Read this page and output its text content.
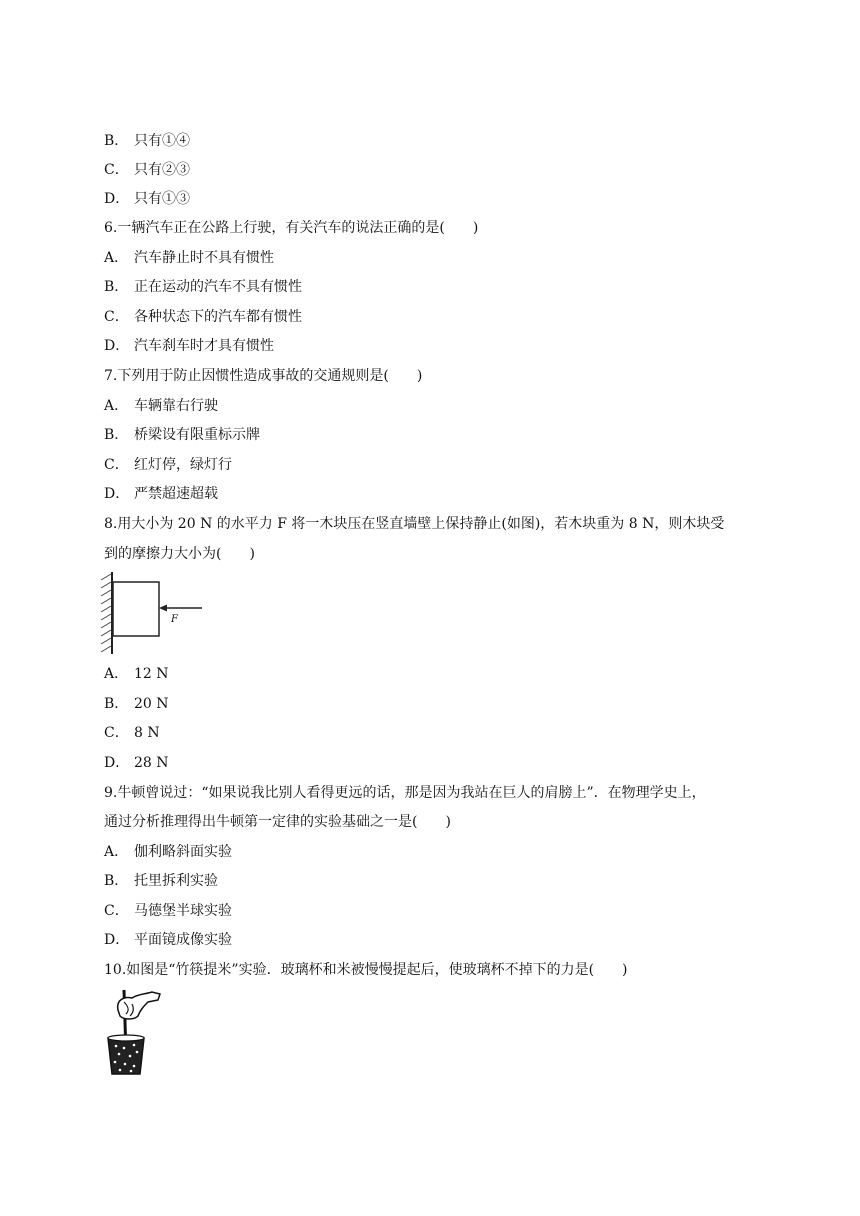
B． 只有①④
C． 只有②③
D． 只有①③
6.一辆汽车正在公路上行驶，有关汽车的说法正确的是(　　)
A． 汽车静止时不具有惯性
B． 正在运动的汽车不具有惯性
C． 各种状态下的汽车都有惯性
D． 汽车刹车时才具有惯性
7.下列用于防止因惯性造成事故的交通规则是(　　)
A． 车辆靠右行驶
B． 桥梁设有限重标示牌
C． 红灯停，绿灯行
D． 严禁超速超载
8.用大小为 20 N 的水平力 F 将一木块压在竖直墙壁上保持静止(如图)，若木块重为 8 N，则木块受
到的摩擦力大小为(　　)
F
A． 12 N
B． 20 N
C． 8 N
D． 28 N
9.牛顿曾说过：“如果说我比别人看得更远的话，那是因为我站在巨人的肩膀上”．在物理学史上，
通过分析推理得出牛顿第一定律的实验基础之一是(　　)
A． 伽利略斜面实验
B． 托里拆利实验
C． 马德堡半球实验
D． 平面镜成像实验
10.如图是“竹筷提米”实验．玻璃杯和米被慢慢提起后，使玻璃杯不掉下的力是(　　)
